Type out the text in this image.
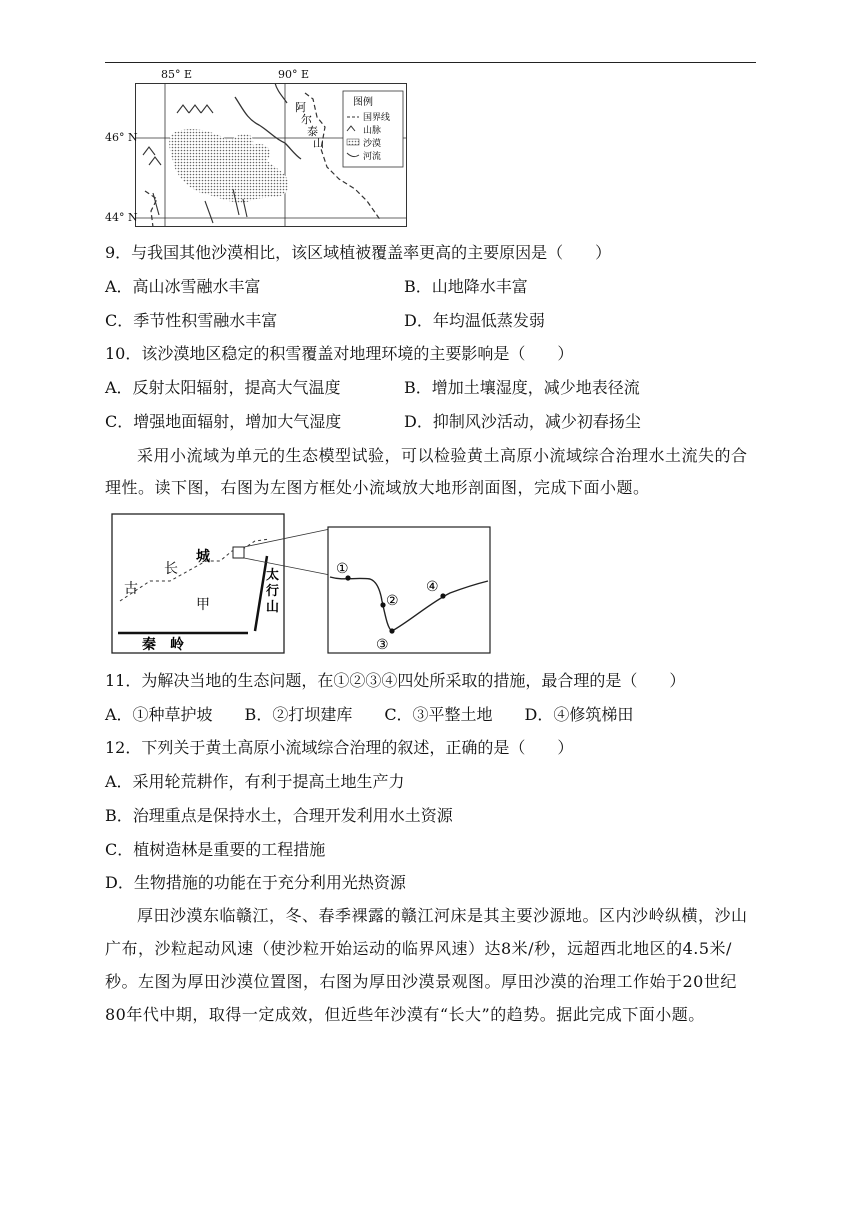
阿尔泰山
图例
国界线
山脉
沙漠
河流
85° E	90° E
46° N
44° N
9．与我国其他沙漠相比，该区域植被覆盖率更高的主要原因是（　　）
A．高山冰雪融水丰富	B．山地降水丰富
C．季节性积雪融水丰富	D．年均温低蒸发弱
10．该沙漠地区稳定的积雪覆盖对地理环境的主要影响是（　　）
A．反射太阳辐射，提高大气温度	B．增加土壤湿度，减少地表径流
C．增强地面辐射，增加大气湿度	D．抑制风沙活动，减少初春扬尘
采用小流域为单元的生态模型试验，可以检验黄土高原小流域综合治理水土流失的合理性。读下图，右图为左图方框处小流域放大地形剖面图，完成下面小题。
古
长
城
甲
太行山
秦　岭
①
②
③
④
11．为解决当地的生态问题，在①②③④四处所采取的措施，最合理的是（　　）
A．①种草护坡　　B．②打坝建库　　C．③平整土地　　D．④修筑梯田
12．下列关于黄土高原小流域综合治理的叙述，正确的是（　　）
A．采用轮荒耕作，有利于提高土地生产力
B．治理重点是保持水土，合理开发利用水土资源
C．植树造林是重要的工程措施
D．生物措施的功能在于充分利用光热资源
厚田沙漠东临赣江，冬、春季裸露的赣江河床是其主要沙源地。区内沙岭纵横，沙山广布，沙粒起动风速（使沙粒开始运动的临界风速）达8米/秒，远超西北地区的4.5米/秒。左图为厚田沙漠位置图，右图为厚田沙漠景观图。厚田沙漠的治理工作始于20世纪80年代中期，取得一定成效，但近些年沙漠有“长大”的趋势。据此完成下面小题。
